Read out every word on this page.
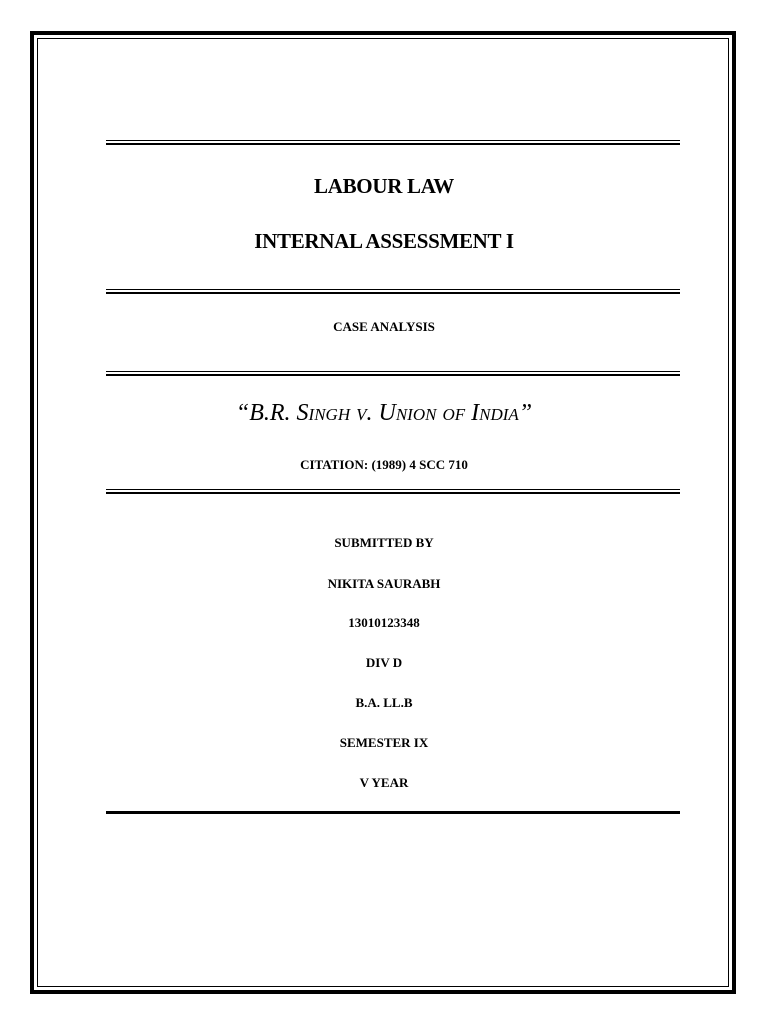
LABOUR LAW
INTERNAL ASSESSMENT I
CASE ANALYSIS
“B.R. Singh v. Union of India”
CITATION: (1989) 4 SCC 710
SUBMITTED BY
NIKITA SAURABH
13010123348
DIV D
B.A. LL.B
SEMESTER IX
V YEAR
